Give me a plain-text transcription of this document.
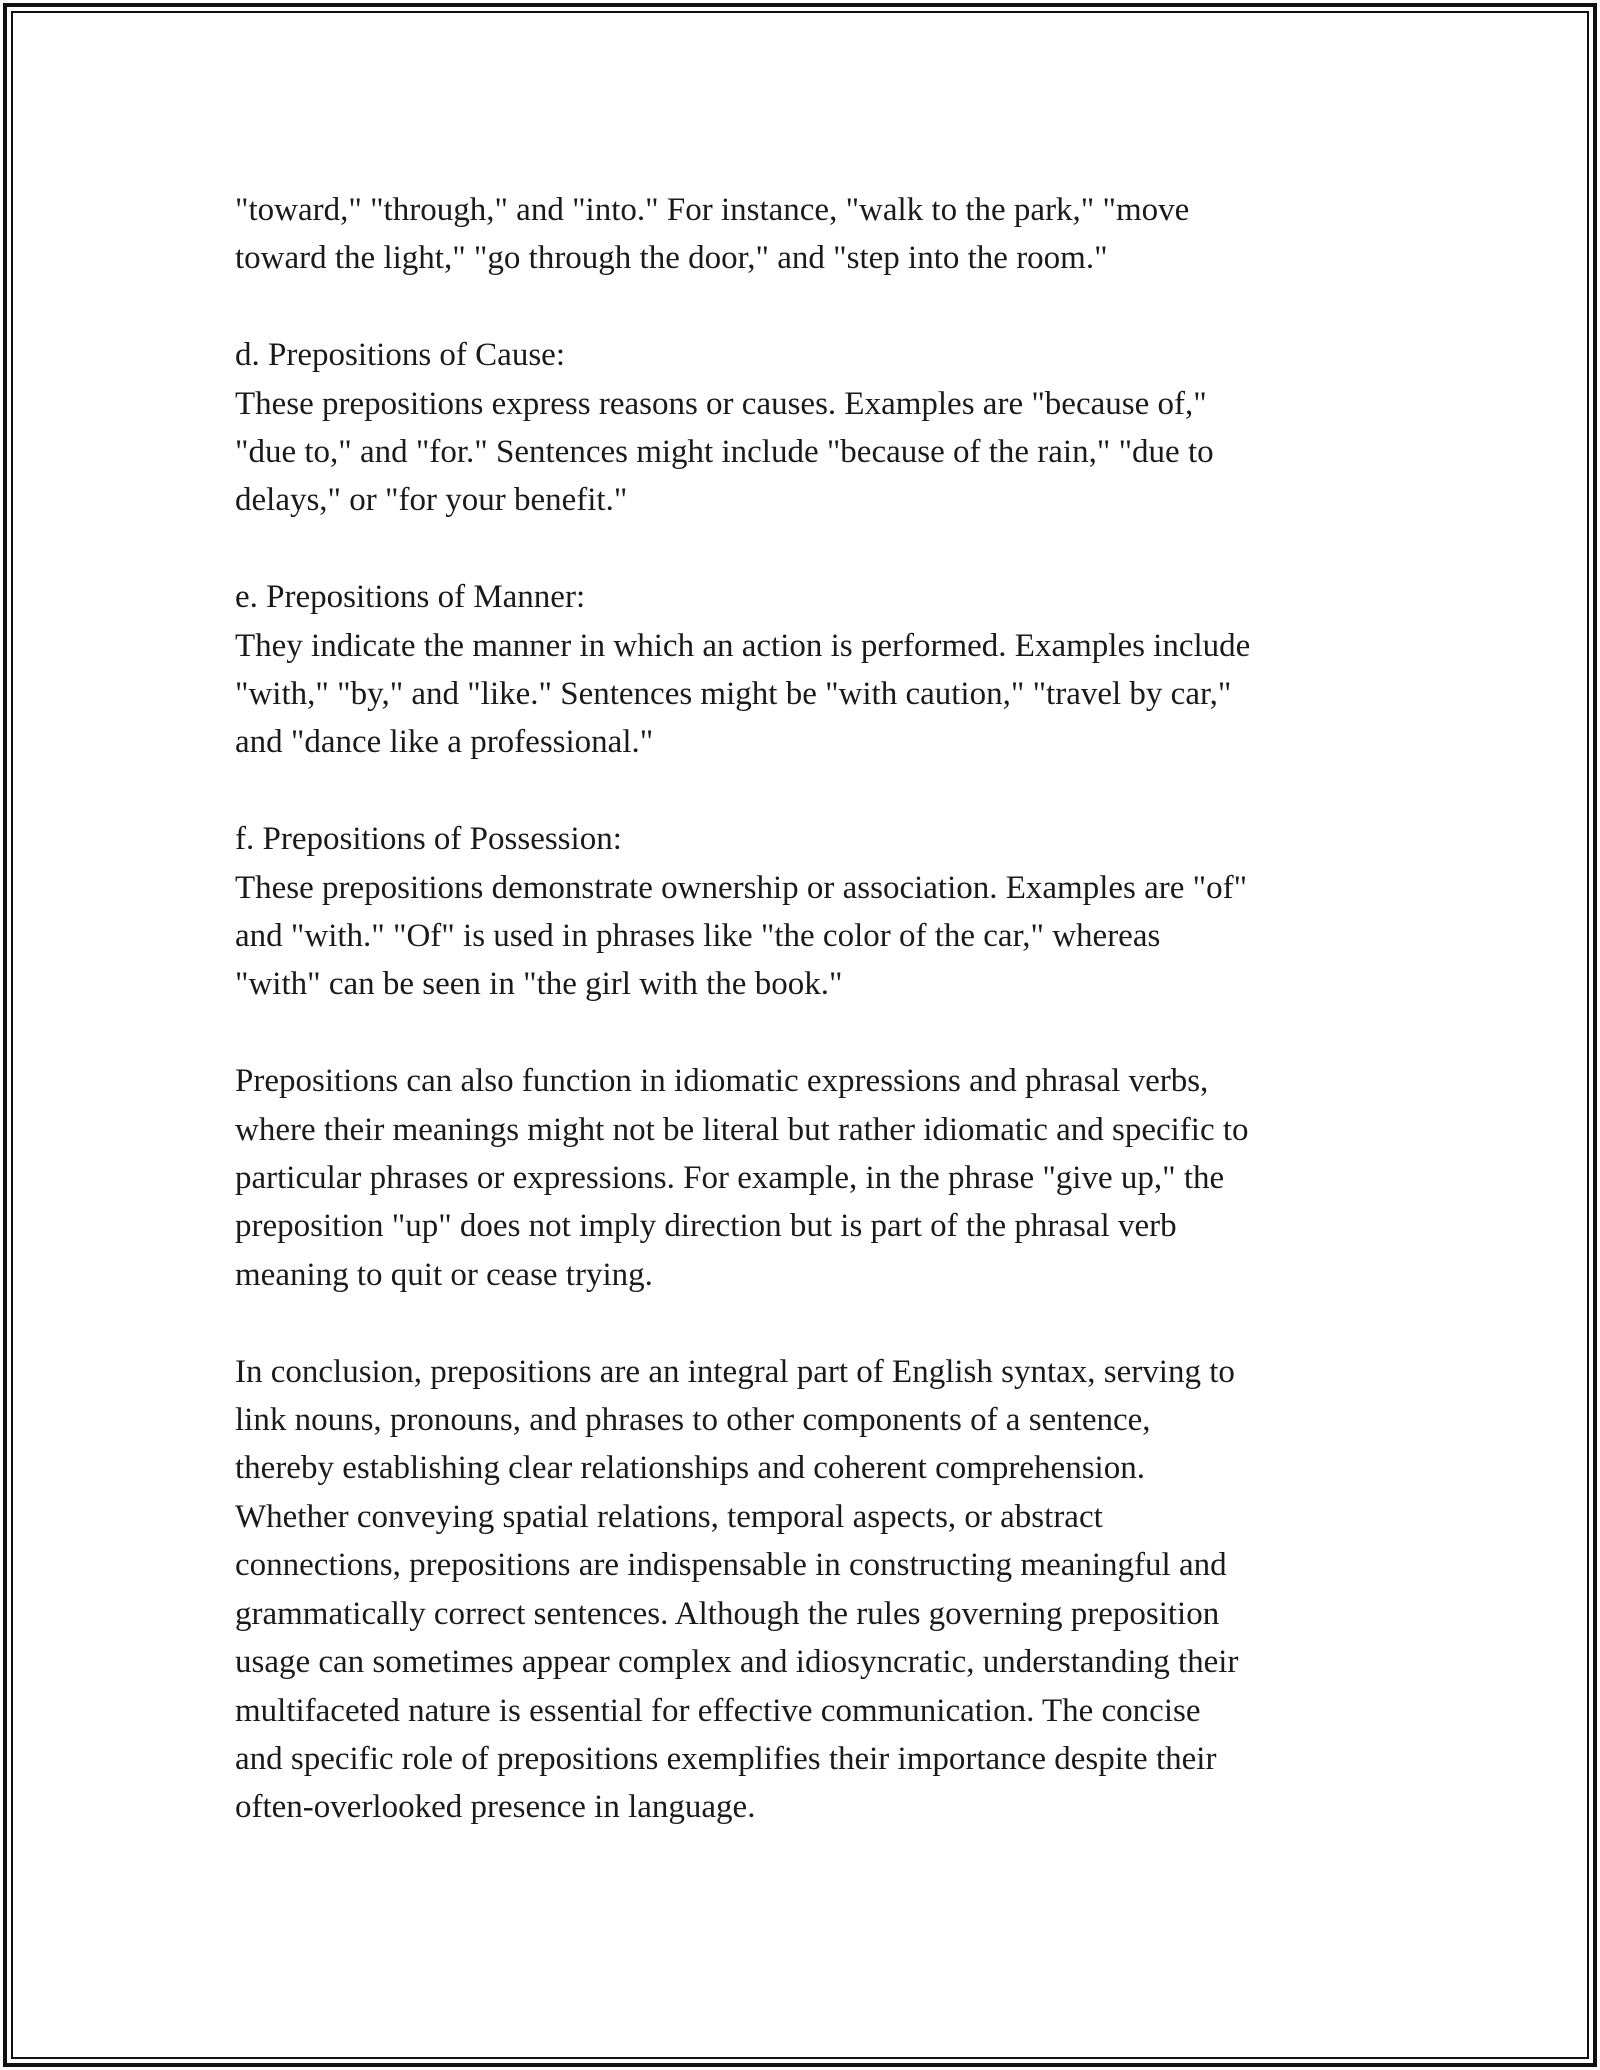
"toward," "through," and "into." For instance, "walk to the park," "move
toward the light," "go through the door," and "step into the room."
d. Prepositions of Cause:
These prepositions express reasons or causes. Examples are "because of,"
"due to," and "for." Sentences might include "because of the rain," "due to
delays," or "for your benefit."
e. Prepositions of Manner:
They indicate the manner in which an action is performed. Examples include
"with," "by," and "like." Sentences might be "with caution," "travel by car,"
and "dance like a professional."
f. Prepositions of Possession:
These prepositions demonstrate ownership or association. Examples are "of"
and "with." "Of" is used in phrases like "the color of the car," whereas
"with" can be seen in "the girl with the book."
Prepositions can also function in idiomatic expressions and phrasal verbs,
where their meanings might not be literal but rather idiomatic and specific to
particular phrases or expressions. For example, in the phrase "give up," the
preposition "up" does not imply direction but is part of the phrasal verb
meaning to quit or cease trying.
In conclusion, prepositions are an integral part of English syntax, serving to
link nouns, pronouns, and phrases to other components of a sentence,
thereby establishing clear relationships and coherent comprehension.
Whether conveying spatial relations, temporal aspects, or abstract
connections, prepositions are indispensable in constructing meaningful and
grammatically correct sentences. Although the rules governing preposition
usage can sometimes appear complex and idiosyncratic, understanding their
multifaceted nature is essential for effective communication. The concise
and specific role of prepositions exemplifies their importance despite their
often-overlooked presence in language.
